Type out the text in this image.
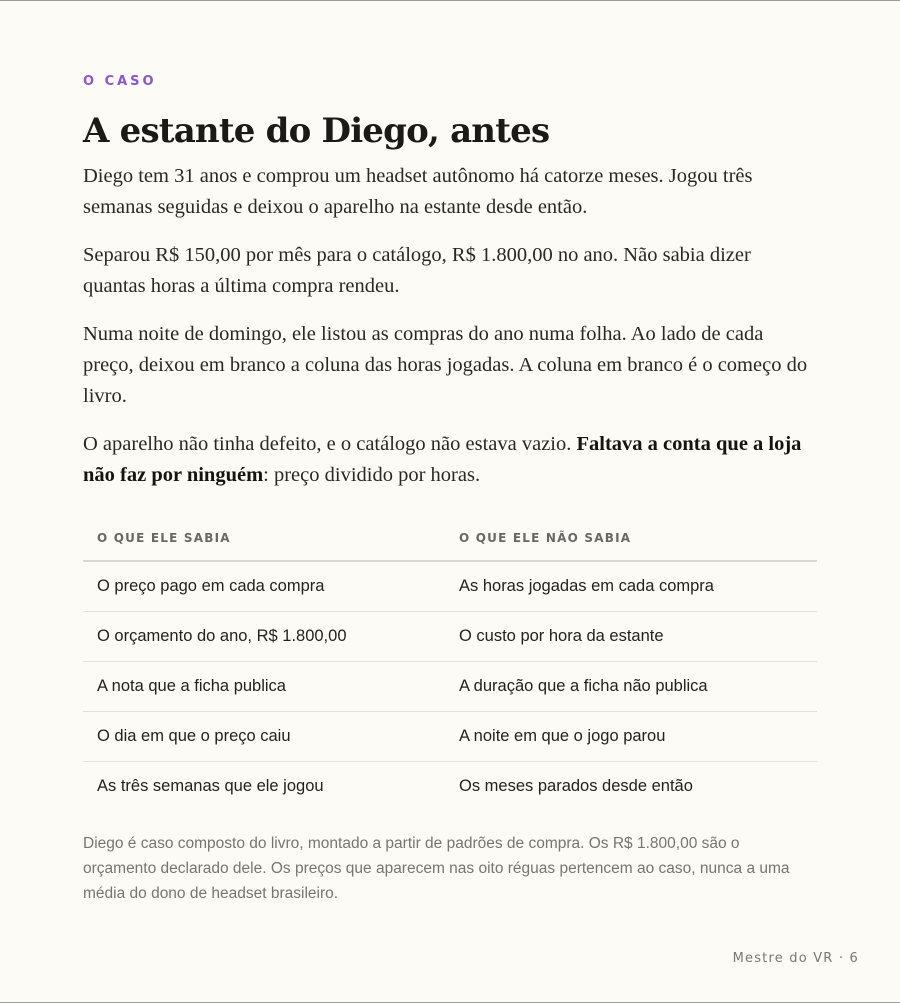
O CASO
A estante do Diego, antes

Diego tem 31 anos e comprou um headset autônomo há catorze meses. Jogou três semanas seguidas e deixou o aparelho na estante desde então.

Separou R$ 150,00 por mês para o catálogo, R$ 1.800,00 no ano. Não sabia dizer quantas horas a última compra rendeu.

Numa noite de domingo, ele listou as compras do ano numa folha. Ao lado de cada preço, deixou em branco a coluna das horas jogadas. A coluna em branco é o começo do livro.

O aparelho não tinha defeito, e o catálogo não estava vazio. Faltava a conta que a loja não faz por ninguém: preço dividido por horas.

O QUE ELE SABIA	O QUE ELE NÃO SABIA
O preço pago em cada compra	As horas jogadas em cada compra
O orçamento do ano, R$ 1.800,00	O custo por hora da estante
A nota que a ficha publica	A duração que a ficha não publica
O dia em que o preço caiu	A noite em que o jogo parou
As três semanas que ele jogou	Os meses parados desde então

Diego é caso composto do livro, montado a partir de padrões de compra. Os R$ 1.800,00 são o orçamento declarado dele. Os preços que aparecem nas oito réguas pertencem ao caso, nunca a uma média do dono de headset brasileiro.

Mestre do VR · 6
